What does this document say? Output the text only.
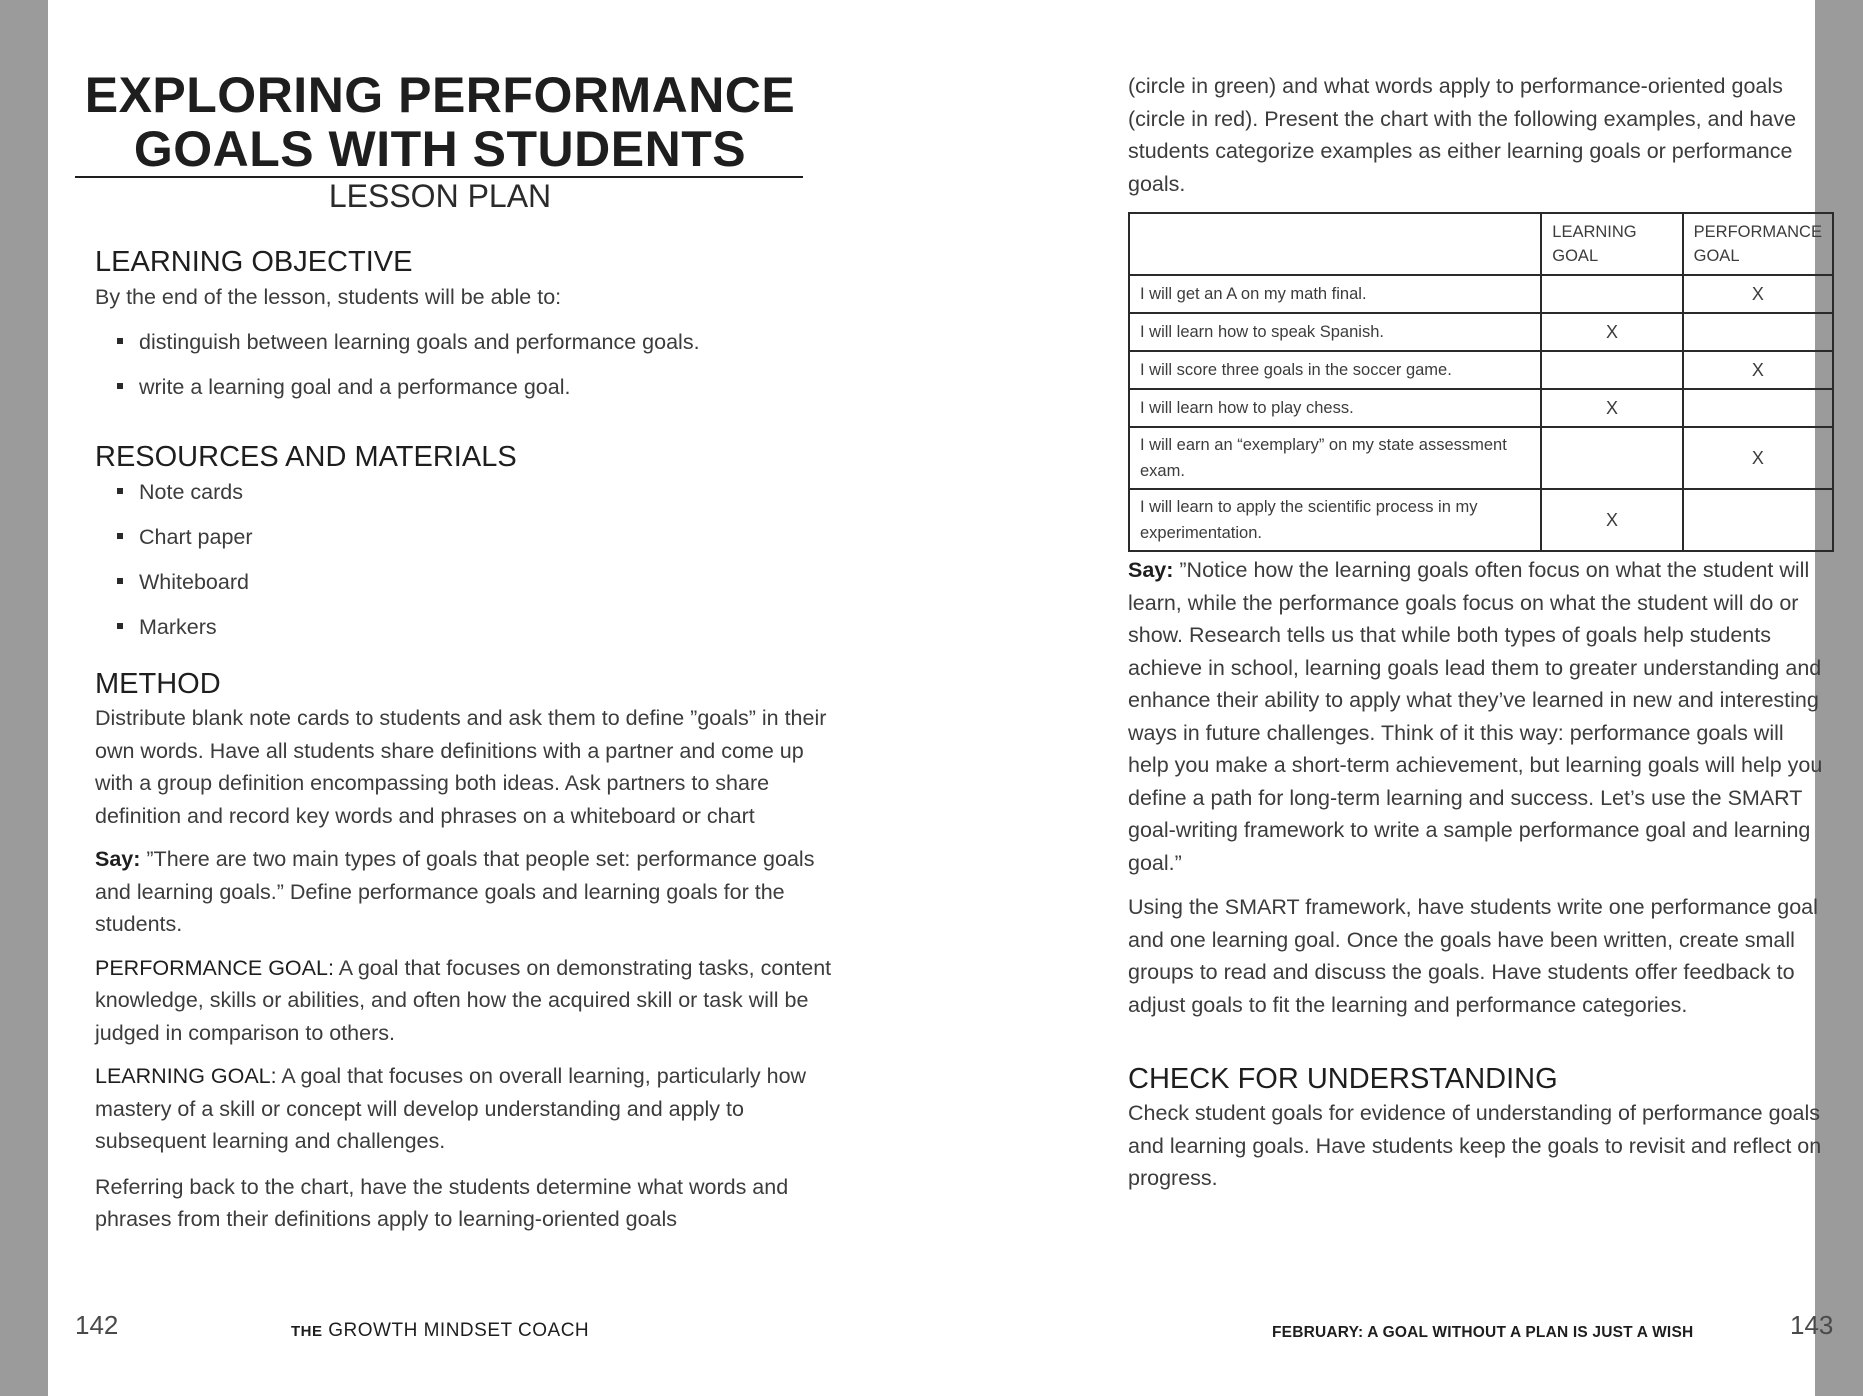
EXPLORING PERFORMANCE
GOALS WITH STUDENTS
LESSON PLAN
LEARNING OBJECTIVE

By the end of the lesson, students will be able to:

distinguish between learning goals and performance goals.
write a learning goal and a performance goal.
RESOURCES AND MATERIALS
Note cards
Chart paper
Whiteboard
Markers
METHOD

Distribute blank note cards to students and ask them to define ”goals” in their own words. Have all students share definitions with a partner and come up with a group definition encompassing both ideas. Ask partners to share definition and record key words and phrases on a whiteboard or chart

Say: ”There are two main types of goals that people set: performance goals and learning goals.” Define performance goals and learning goals for the students.

PERFORMANCE GOAL: A goal that focuses on demonstrating tasks, content knowledge, skills or abilities, and often how the acquired skill or task will be judged in comparison to others.

LEARNING GOAL: A goal that focuses on overall learning, particularly how mastery of a skill or concept will develop understanding and apply to subsequent learning and challenges.

Referring back to the chart, have the students determine what words and phrases from their definitions apply to learning-oriented goals

142	THE GROWTH MINDSET COACH

(circle in green) and what words apply to performance-oriented goals (circle in red). Present the chart with the following examples, and have students categorize examples as either learning goals or performance goals.

	LEARNING GOAL	PERFORMANCE GOAL
I will get an A on my math final.		X
I will learn how to speak Spanish.	X	
I will score three goals in the soccer game.		X
I will learn how to play chess.	X	
I will earn an “exemplary” on my state assessment exam.		X
I will learn to apply the scientific process in my experimentation.	X	

Say: ”Notice how the learning goals often focus on what the student will learn, while the performance goals focus on what the student will do or show. Research tells us that while both types of goals help students achieve in school, learning goals lead them to greater understanding and enhance their ability to apply what they’ve learned in new and interesting ways in future challenges. Think of it this way: performance goals will help you make a short-term achievement, but learning goals will help you define a path for long-term learning and success. Let’s use the SMART goal-writing framework to write a sample performance goal and learning goal.”

Using the SMART framework, have students write one performance goal and one learning goal. Once the goals have been written, create small groups to read and discuss the goals. Have students offer feedback to adjust goals to fit the learning and performance categories.

CHECK FOR UNDERSTANDING

Check student goals for evidence of understanding of performance goals and learning goals. Have students keep the goals to revisit and reflect on progress.

FEBRUARY: A GOAL WITHOUT A PLAN IS JUST A WISH	143
